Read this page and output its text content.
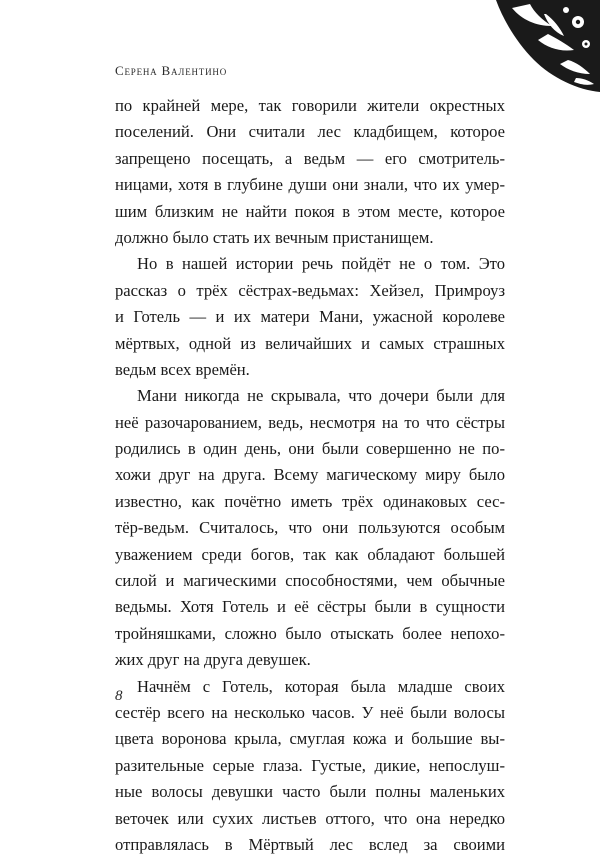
Серена Валентино
по крайней мере, так говорили жители окрестных
поселений. Они считали лес кладбищем, которое
запрещено посещать, а ведьм — его смотритель-
ницами, хотя в глубине души они знали, что их умер-
шим близким не найти покоя в этом месте, которое
должно было стать их вечным пристанищем.
Но в нашей истории речь пойдёт не о том. Это
рассказ о трёх сёстрах-ведьмах: Хейзел, Примроуз
и Готель — и их матери Мани, ужасной королеве
мёртвых, одной из величайших и самых страшных
ведьм всех времён.
Мани никогда не скрывала, что дочери были для
неё разочарованием, ведь, несмотря на то что сёстры
родились в один день, они были совершенно не по-
хожи друг на друга. Всему магическому миру было
известно, как почётно иметь трёх одинаковых сес-
тёр-ведьм. Считалось, что они пользуются особым
уважением среди богов, так как обладают большей
силой и магическими способностями, чем обычные
ведьмы. Хотя Готель и её сёстры были в сущности
тройняшками, сложно было отыскать более непохо-
жих друг на друга девушек.
Начнём с Готель, которая была младше своих
сестёр всего на несколько часов. У неё были волосы
цвета воронова крыла, смуглая кожа и большие вы-
разительные серые глаза. Густые, дикие, непослуш-
ные волосы девушки часто были полны маленьких
веточек или сухих листьев оттого, что она нередко
отправлялась в Мёртвый лес вслед за своими
8
